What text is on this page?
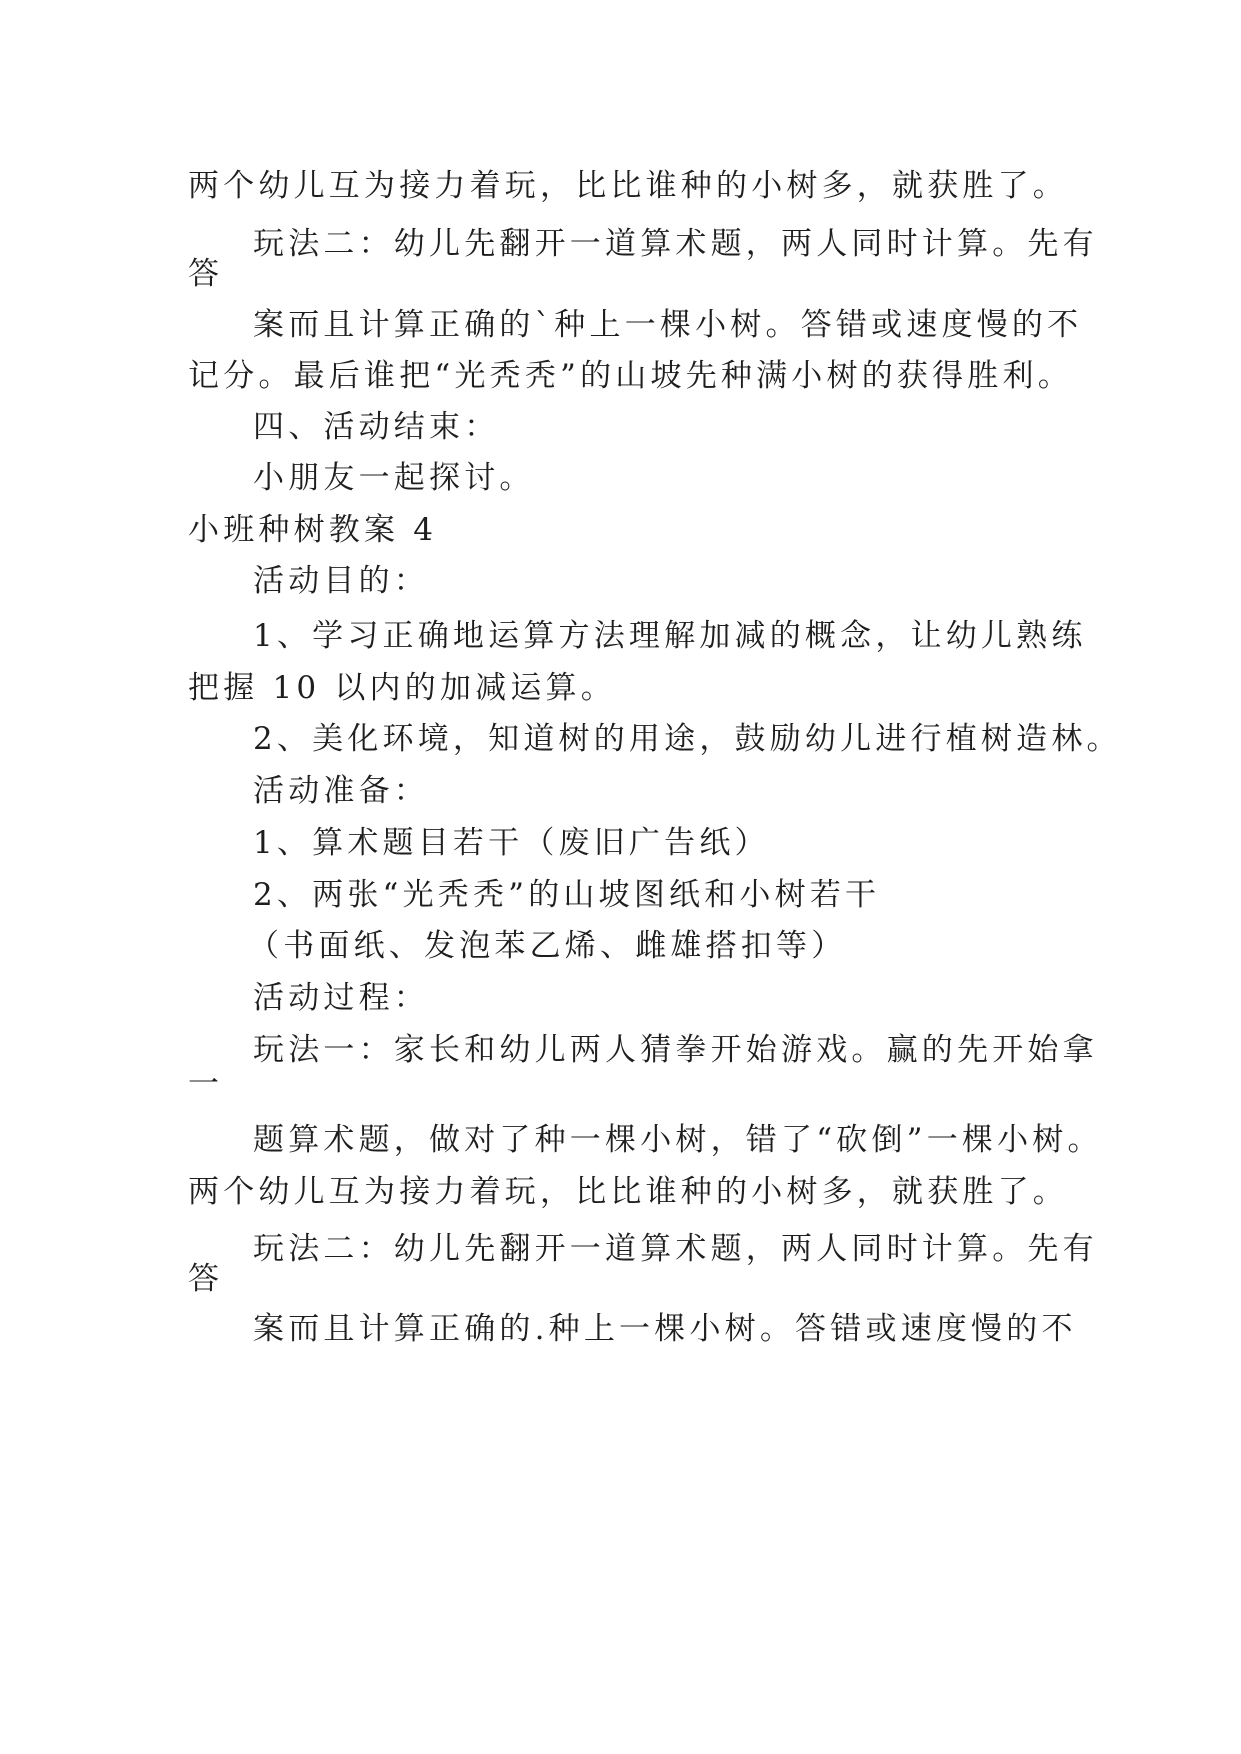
两个幼儿互为接力着玩，比比谁种的小树多，就获胜了。
玩法二：幼儿先翻开一道算术题，两人同时计算。先有
答
案而且计算正确的`种上一棵小树。答错或速度慢的不
记分。最后谁把“光秃秃”的山坡先种满小树的获得胜利。
四、活动结束：
小朋友一起探讨。
小班种树教案 4
活动目的：
1、学习正确地运算方法理解加减的概念，让幼儿熟练
把握 10 以内的加减运算。
2、美化环境，知道树的用途，鼓励幼儿进行植树造林。
活动准备：
1、算术题目若干（废旧广告纸）
2、两张“光秃秃”的山坡图纸和小树若干
（书面纸、发泡苯乙烯、雌雄搭扣等）
活动过程：
玩法一：家长和幼儿两人猜拳开始游戏。赢的先开始拿
一
题算术题，做对了种一棵小树，错了“砍倒”一棵小树。
两个幼儿互为接力着玩，比比谁种的小树多，就获胜了。
玩法二：幼儿先翻开一道算术题，两人同时计算。先有
答
案而且计算正确的.种上一棵小树。答错或速度慢的不
